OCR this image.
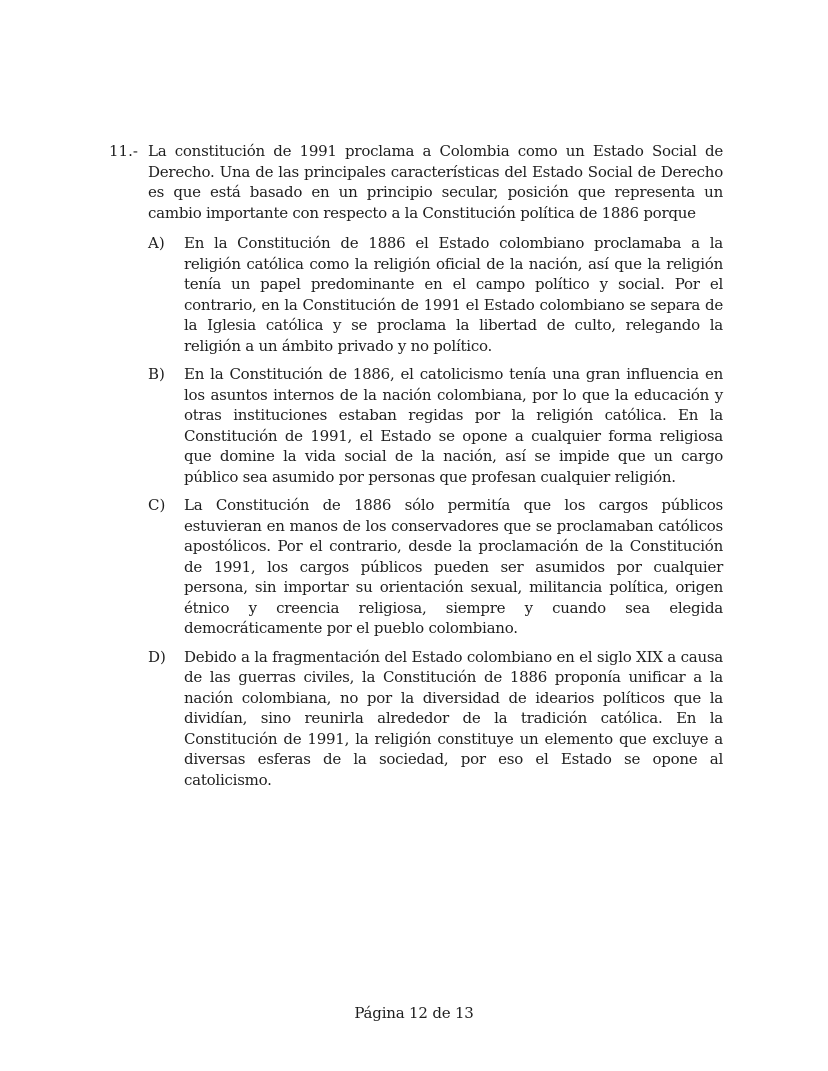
11.- La constitución de 1991 proclama a Colombia como un Estado Social de Derecho. Una de las principales características del Estado Social de Derecho es que está basado en un principio secular, posición que representa un cambio importante con respecto a la Constitución política de 1886 porque
A) En la Constitución de 1886 el Estado colombiano proclamaba a la religión católica como la religión oficial de la nación, así que la religión tenía un papel predominante en el campo político y social. Por el contrario, en la Constitución de 1991 el Estado colombiano se separa de la Iglesia católica y se proclama la libertad de culto, relegando la religión a un ámbito privado y no político.
B) En la Constitución de 1886, el catolicismo tenía una gran influencia en los asuntos internos de la nación colombiana, por lo que la educación y otras instituciones estaban regidas por la religión católica. En la Constitución de 1991, el Estado se opone a cualquier forma religiosa que domine la vida social de la nación, así se impide que un cargo público sea asumido por personas que profesan cualquier religión.
C) La Constitución de 1886 sólo permitía que los cargos públicos estuvieran en manos de los conservadores que se proclamaban católicos apostólicos. Por el contrario, desde la proclamación de la Constitución de 1991, los cargos públicos pueden ser asumidos por cualquier persona, sin importar su orientación sexual, militancia política, origen étnico y creencia religiosa, siempre y cuando sea elegida democráticamente por el pueblo colombiano.
D) Debido a la fragmentación del Estado colombiano en el siglo XIX a causa de las guerras civiles, la Constitución de 1886 proponía unificar a la nación colombiana, no por la diversidad de idearios políticos que la dividían, sino reunirla alrededor de la tradición católica. En la Constitución de 1991, la religión constituye un elemento que excluye a diversas esferas de la sociedad, por eso el Estado se opone al catolicismo.
Página 12 de 13
